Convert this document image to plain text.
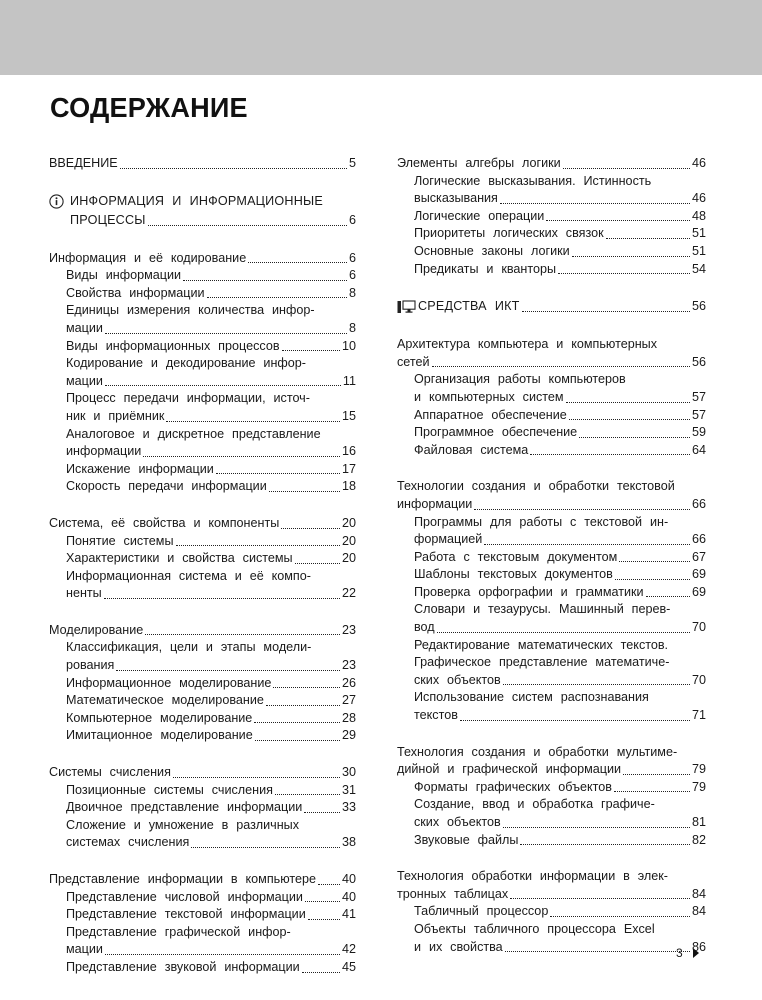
СОДЕРЖАНИЕ
ВВЕДЕНИЕ	5
ИНФОРМАЦИЯ И ИНФОРМАЦИОННЫЕ
ПРОЦЕССЫ	6
Информация и её кодирование	6
Виды информации	6
Свойства информации	8
Единицы измерения количества инфор-
мации	8
Виды информационных процессов	10
Кодирование и декодирование инфор-
мации	11
Процесс передачи информации, источ-
ник и приёмник	15
Аналоговое и дискретное представление
информации	16
Искажение информации	17
Скорость передачи информации	18
Система, её свойства и компоненты	20
Понятие системы	20
Характеристики и свойства системы	20
Информационная система и её компо-
ненты	22
Моделирование	23
Классификация, цели и этапы модели-
рования	23
Информационное моделирование	26
Математическое моделирование	27
Компьютерное моделирование	28
Имитационное моделирование	29
Системы счисления	30
Позиционные системы счисления	31
Двоичное представление информации	33
Сложение и умножение в различных
системах счисления	38
Представление информации в компьютере 40
Представление числовой информации	40
Представление текстовой информации	41
Представление графической инфор-
мации	42
Представление звуковой информации	45
Элементы алгебры логики	46
Логические высказывания. Истинность
высказывания	46
Логические операции	48
Приоритеты логических связок	51
Основные законы логики	51
Предикаты и кванторы	54
СРЕДСТВА ИКТ	56
Архитектура компьютера и компьютерных
сетей	56
Организация работы компьютеров
и компьютерных систем	57
Аппаратное обеспечение	57
Программное обеспечение	59
Файловая система	64
Технологии создания и обработки текстовой
информации	66
Программы для работы с текстовой ин-
формацией	66
Работа с текстовым документом	67
Шаблоны текстовых документов	69
Проверка орфографии и грамматики	69
Словари и тезаурусы. Машинный перев-
вод	70
Редактирование математических текстов.
Графическое представление математиче-
ских объектов	70
Использование систем распознавания
текстов	71
Технология создания и обработки мультиме-
дийной и графической информации	79
Форматы графических объектов	79
Создание, ввод и обработка графиче-
ских объектов	81
Звуковые файлы	82
Технология обработки информации в элек-
тронных таблицах	84
Табличный процессор	84
Объекты табличного процессора Excel
и их свойства	86
3
